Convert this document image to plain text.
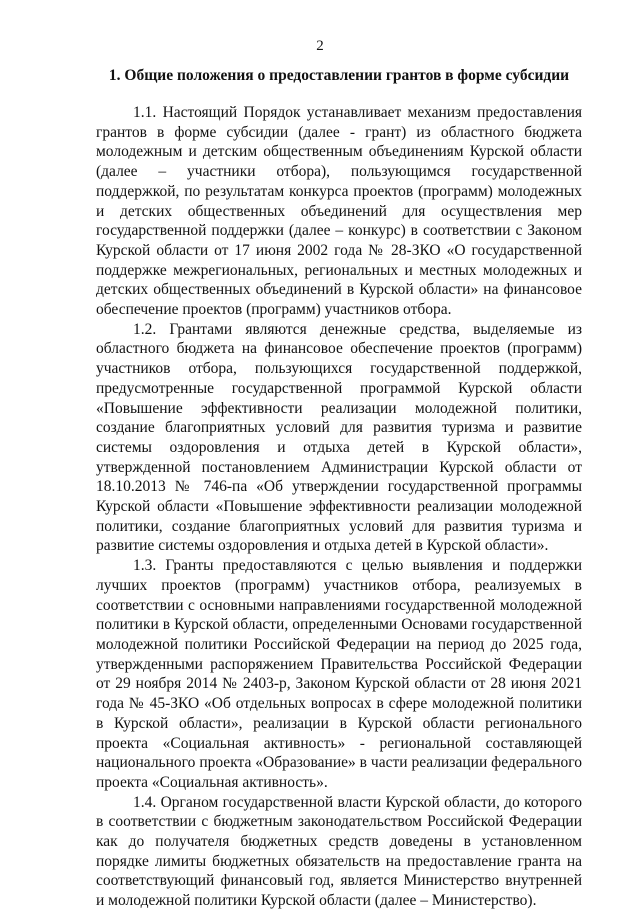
2
1. Общие положения о предоставлении грантов в форме субсидии

1.1. Настоящий Порядок устанавливает механизм предоставления грантов в форме субсидии (далее - грант) из областного бюджета молодежным и детским общественным объединениям Курской области (далее – участники отбора), пользующимся государственной поддержкой, по результатам конкурса проектов (программ) молодежных и детских общественных объединений для осуществления мер государственной поддержки (далее – конкурс) в соответствии с Законом Курской области от 17 июня 2002 года № 28-ЗКО «О государственной поддержке межрегиональных, региональных и местных молодежных и детских общественных объединений в Курской области» на финансовое обеспечение проектов (программ) участников отбора.

1.2. Грантами являются денежные средства, выделяемые из областного бюджета на финансовое обеспечение проектов (программ) участников отбора, пользующихся государственной поддержкой, предусмотренные государственной программой Курской области «Повышение эффективности реализации молодежной политики, создание благоприятных условий для развития туризма и развитие системы оздоровления и отдыха детей в Курской области», утвержденной постановлением Администрации Курской области от 18.10.2013 № 746-па «Об утверждении государственной программы Курской области «Повышение эффективности реализации молодежной политики, создание благоприятных условий для развития туризма и развитие системы оздоровления и отдыха детей в Курской области».

1.3. Гранты предоставляются с целью выявления и поддержки лучших проектов (программ) участников отбора, реализуемых в соответствии с основными направлениями государственной молодежной политики в Курской области, определенными Основами государственной молодежной политики Российской Федерации на период до 2025 года, утвержденными распоряжением Правительства Российской Федерации от 29 ноября 2014 № 2403-р, Законом Курской области от 28 июня 2021 года № 45-ЗКО «Об отдельных вопросах в сфере молодежной политики в Курской области», реализации в Курской области регионального проекта «Социальная активность» - региональной составляющей национального проекта «Образование» в части реализации федерального проекта «Социальная активность».

1.4. Органом государственной власти Курской области, до которого в соответствии с бюджетным законодательством Российской Федерации как до получателя бюджетных средств доведены в установленном порядке лимиты бюджетных обязательств на предоставление гранта на соответствующий финансовый год, является Министерство внутренней и молодежной политики Курской области (далее – Министерство).
